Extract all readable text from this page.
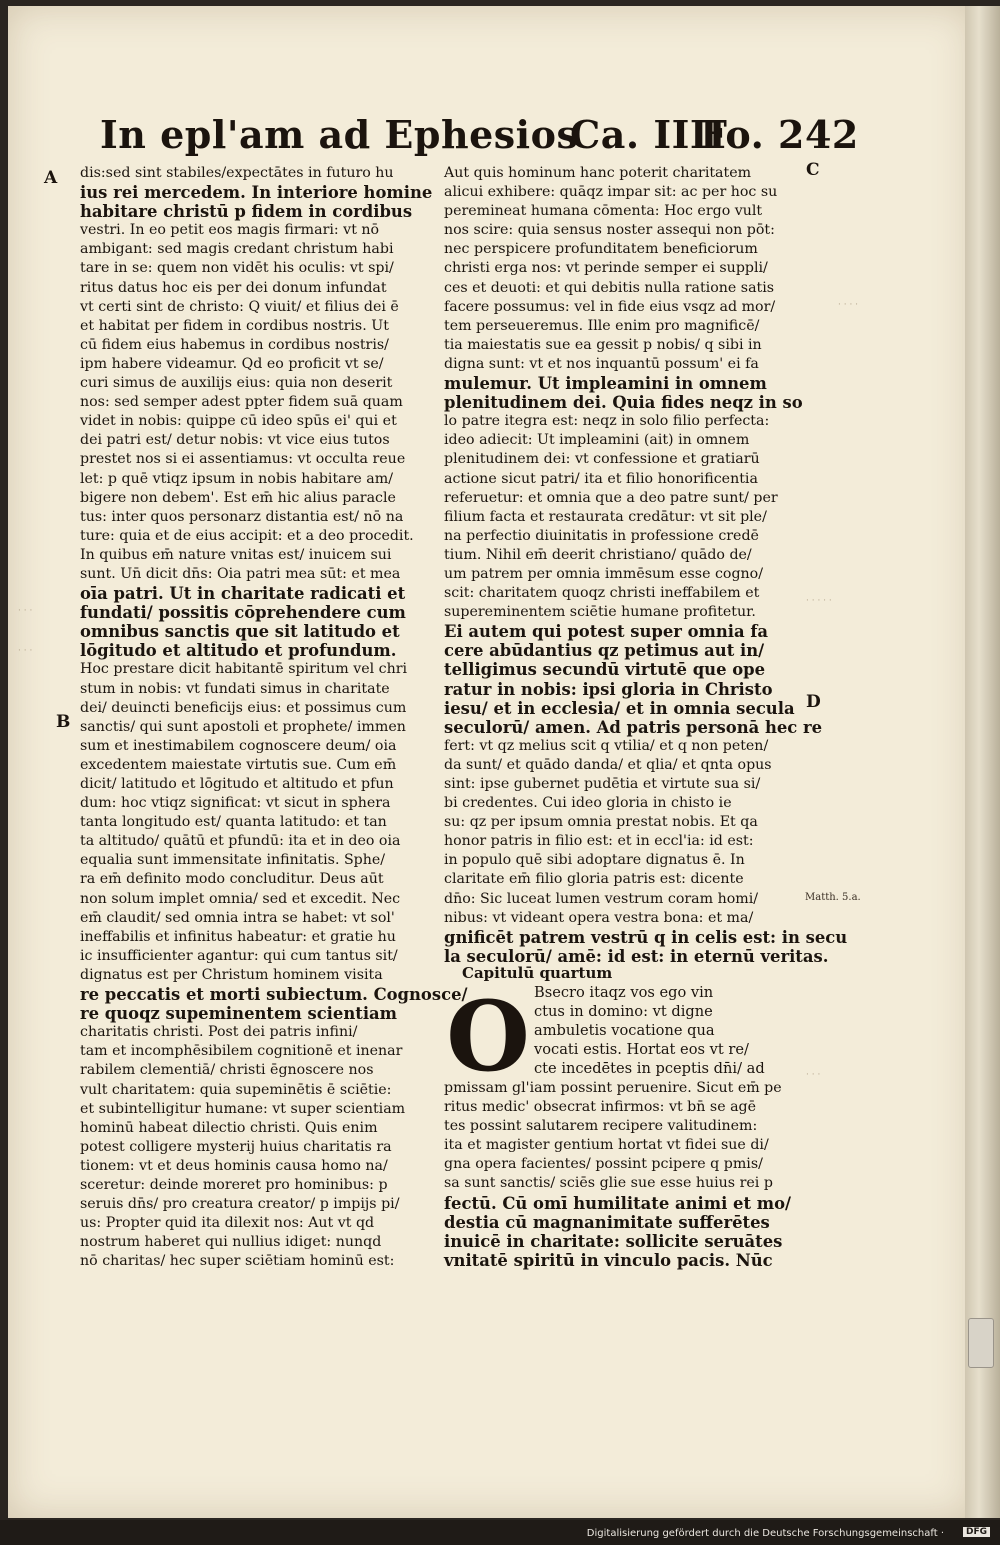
In epl'am ad Ephesios
Ca. IIII
Fo. 242
A
B
C
D
Matth. 5.a.
· · · ·
· · ·
· · ·
· · · · ·
· · ·
dis:sed sint stabiles/expectātes in futuro hu
ius rei mercedem. In interiore homine
habitare christū p fidem in cordibus
vestri. In eo petit eos magis firmari: vt nō
ambigant: sed magis credant christum habi
tare in se: quem non vidēt his oculis: vt spi/
ritus datus hoc eis per dei donum infundat
vt certi sint de christo: Q viuit/ et filius dei ē
et habitat per fidem in cordibus nostris. Ut
cū fidem eius habemus in cordibus nostris/
ipm habere videamur. Qd eo proficit vt se/
curi simus de auxilijs eius: quia non deserit
nos: sed semper adest ppter fidem suā quam
videt in nobis: quippe cū ideo spūs ei' qui et
dei patri est/ detur nobis: vt vice eius tutos
prestet nos si ei assentiamus: vt occulta reue
let: p quē vtiqz ipsum in nobis habitare am/
bigere non debem'. Est em̄ hic alius paracle
tus: inter quos personarz distantia est/ nō na
ture: quia et de eius accipit: et a deo procedit.
In quibus em̄ nature vnitas est/ inuicem sui
sunt. Un̄ dicit dn̄s: Oia patri mea sūt: et mea
oīa patri. Ut in charitate radicati et
fundati/ possitis cōprehendere cum
omnibus sanctis que sit latitudo et
lōgitudo et altitudo et profundum.
Hoc prestare dicit habitantē spiritum vel chri
stum in nobis: vt fundati simus in charitate
dei/ deuincti beneficijs eius: et possimus cum
sanctis/ qui sunt apostoli et prophete/ immen
sum et inestimabilem cognoscere deum/ oia
excedentem maiestate virtutis sue. Cum em̄
dicit/ latitudo et lōgitudo et altitudo et pfun
dum: hoc vtiqz significat: vt sicut in sphera
tanta longitudo est/ quanta latitudo: et tan
ta altitudo/ quātū et pfundū: ita et in deo oia
equalia sunt immensitate infinitatis. Sphe/
ra em̄ definito modo concluditur. Deus aūt
non solum implet omnia/ sed et excedit. Nec
em̄ claudit/ sed omnia intra se habet: vt sol'
ineffabilis et infinitus habeatur: et gratie hu
ic insufficienter agantur: qui cum tantus sit/
dignatus est per Christum hominem visita
re peccatis et morti subiectum. Cognosce/
re quoqz supeminentem scientiam
charitatis christi. Post dei patris infini/
tam et incomphēsibilem cognitionē et inenar
rabilem clementiā/ christi ēgnoscere nos
vult charitatem: quia supeminētis ē sciētie:
et subintelligitur humane: vt super scientiam
hominū habeat dilectio christi. Quis enim
potest colligere mysterij huius charitatis ra
tionem: vt et deus hominis causa homo na/
sceretur: deinde moreret pro hominibus: p
seruis dn̄s/ pro creatura creator/ p impijs pi/
us: Propter quid ita dilexit nos: Aut vt qd
nostrum haberet qui nullius idiget: nunqd
nō charitas/ hec super sciētiam hominū est:
Aut quis hominum hanc poterit charitatem
alicui exhibere: quāqz impar sit: ac per hoc su
peremineat humana cōmenta: Hoc ergo vult
nos scire: quia sensus noster assequi non pōt:
nec perspicere profunditatem beneficiorum
christi erga nos: vt perinde semper ei suppli/
ces et deuoti: et qui debitis nulla ratione satis
facere possumus: vel in fide eius vsqz ad mor/
tem perseueremus. Ille enim pro magnificē/
tia maiestatis sue ea gessit p nobis/ q sibi in
digna sunt: vt et nos inquantū possum' ei fa
mulemur. Ut impleamini in omnem
plenitudinem dei. Quia fides neqz in so
lo patre itegra est: neqz in solo filio perfecta:
ideo adiecit: Ut impleamini (ait) in omnem
plenitudinem dei: vt confessione et gratiarū
actione sicut patri/ ita et filio honorificentia
referuetur: et omnia que a deo patre sunt/ per
filium facta et restaurata credātur: vt sit ple/
na perfectio diuinitatis in professione credē
tium. Nihil em̄ deerit christiano/ quādo de/
um patrem per omnia immēsum esse cogno/
scit: charitatem quoqz christi ineffabilem et
supereminentem sciētie humane profitetur.
Ei autem qui potest super omnia fa
cere abūdantius qz petimus aut in/
telligimus secundū virtutē que ope
ratur in nobis: ipsi gloria in Christo
iesu/ et in ecclesia/ et in omnia secula
seculorū/ amen. Ad patris personā hec re
fert: vt qz melius scit q vtilia/ et q non peten/
da sunt/ et quādo danda/ et qlia/ et qnta opus
sint: ipse gubernet pudētia et virtute sua si/
bi credentes. Cui ideo gloria in chisto ie
su: qz per ipsum omnia prestat nobis. Et qa
honor patris in filio est: et in eccl'ia: id est:
in populo quē sibi adoptare dignatus ē. In
claritate em̄ filio gloria patris est: dicente
dn̄o: Sic luceat lumen vestrum coram homi/
nibus: vt videant opera vestra bona: et ma/
gnificēt patrem vestrū q in celis est: in secu
la seculorū/ amē: id est: in eternū veritas.
Capitulū quartum
O Bsecro itaqz vos ego vin
ctus in domino: vt digne
ambuletis vocatione qua
vocati estis. Hortat eos vt re/
cte incedētes in pceptis dn̄i/ ad
pmissam gl'iam possint peruenire. Sicut em̄ pe
ritus medic' obsecrat infirmos: vt bn̄ se agē
tes possint salutarem recipere valitudinem:
ita et magister gentium hortat vt fidei sue di/
gna opera facientes/ possint pcipere q pmis/
sa sunt sanctis/ sciēs glie sue esse huius rei p
fectū. Cū omī humilitate animi et mo/
destia cū magnanimitate sufferētes
inuicē in charitate: sollicite seruātes
vnitatē spiritū in vinculo pacis. Nūc
Digitalisierung gefördert durch die Deutsche Forschungsgemeinschaft ·	DFG
